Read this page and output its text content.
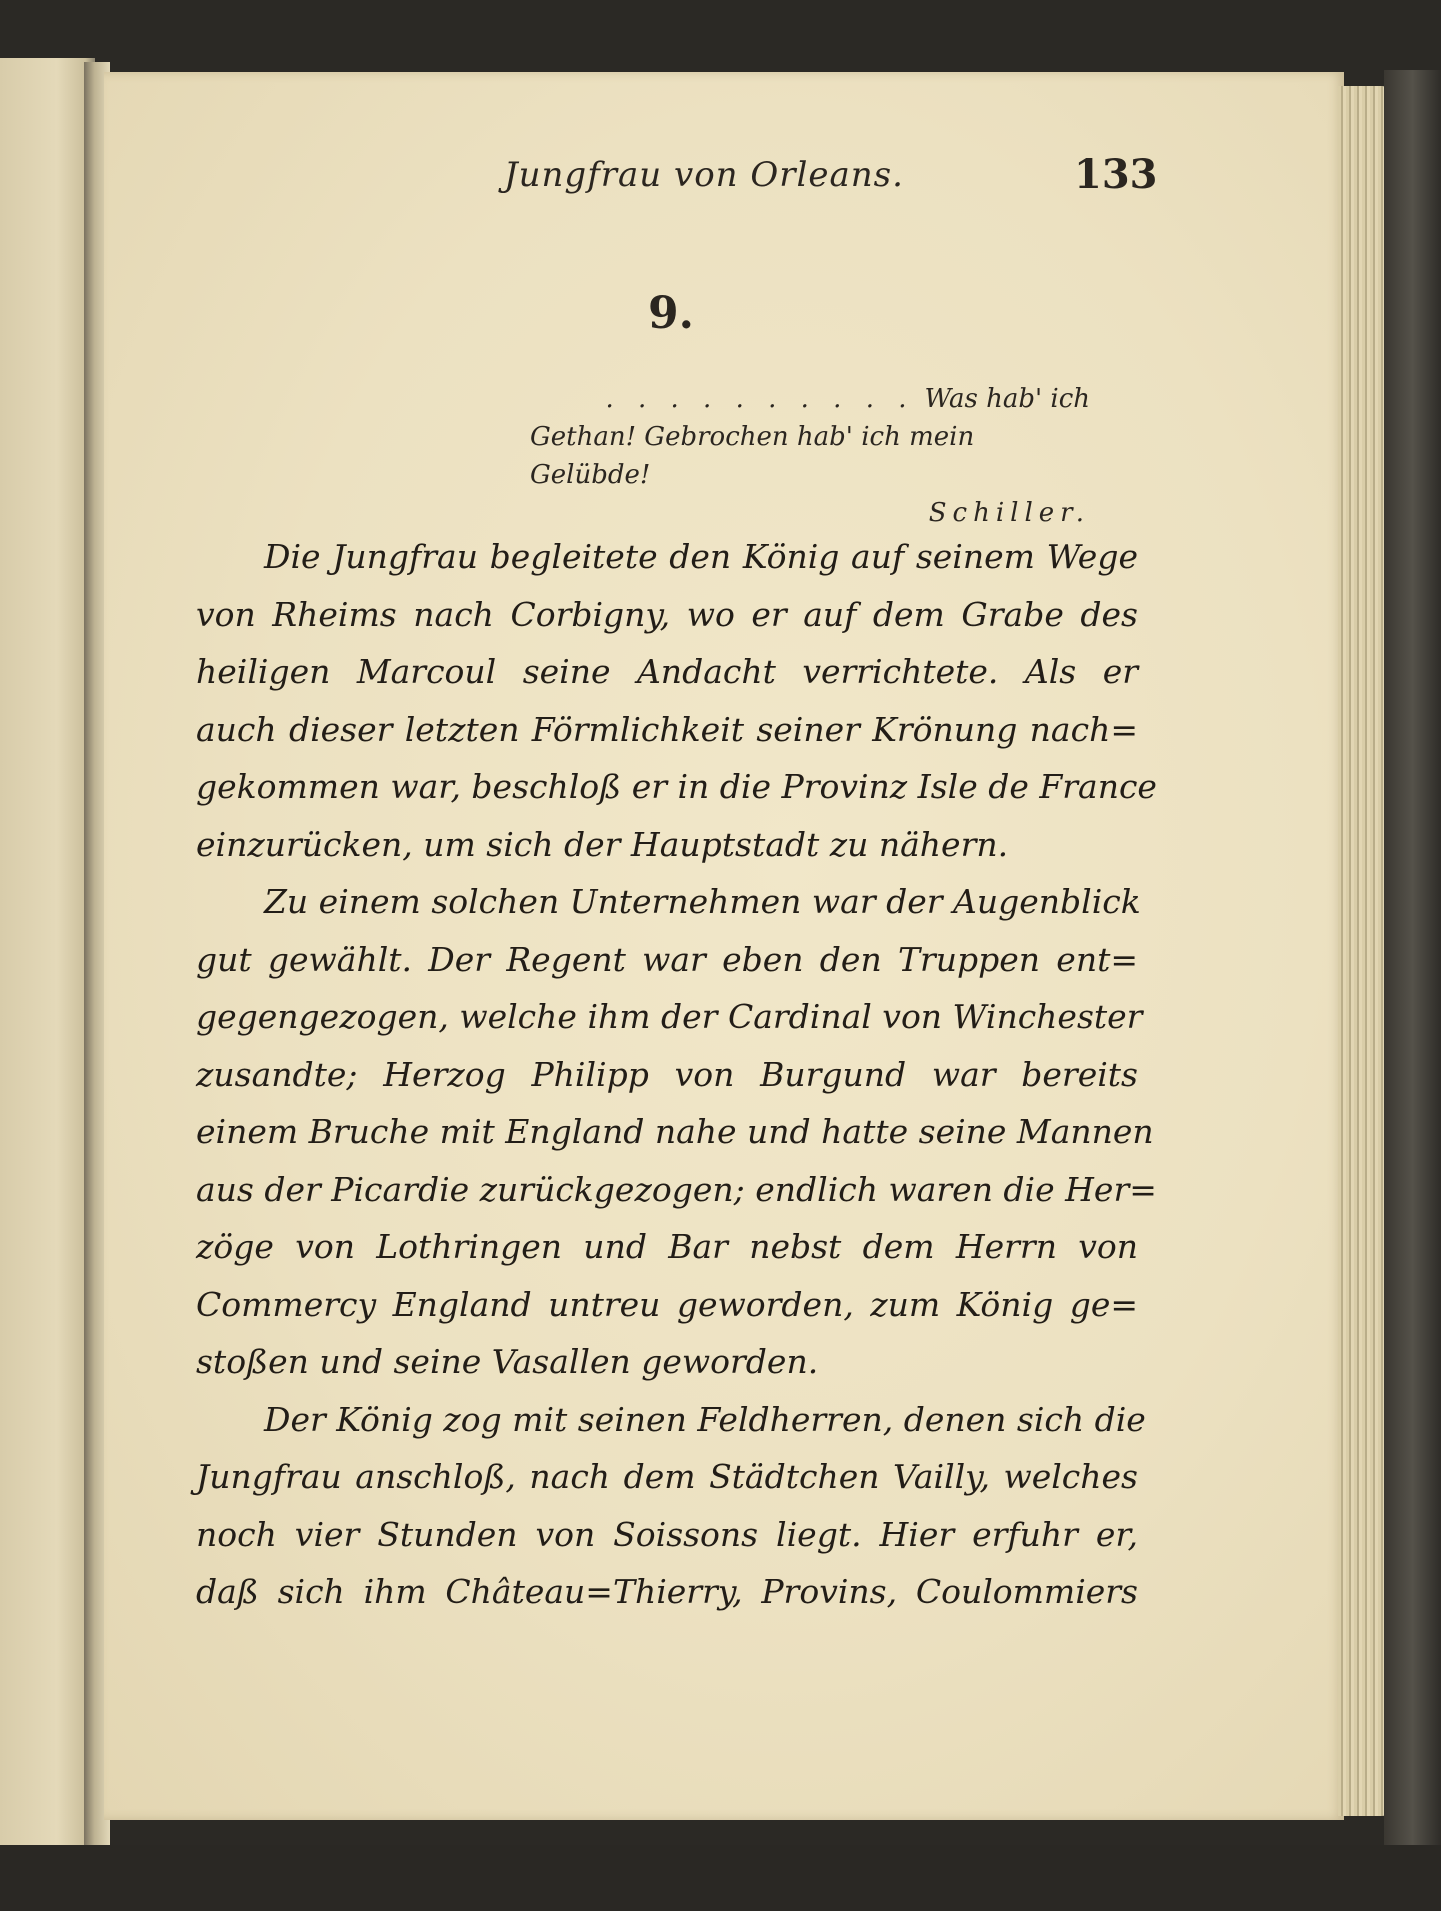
Jungfrau von Orleans.	133
9.
. . . . . . . . . . Was hab' ich
Gethan! Gebrochen hab' ich mein Gelübde!
Schiller.
Die Jungfrau begleitete den König auf seinem Wege
von Rheims nach Corbigny, wo er auf dem Grabe des
heiligen Marcoul seine Andacht verrichtete. Als er
auch dieser letzten Förmlichkeit seiner Krönung nach=
gekommen war, beschloß er in die Provinz Isle de France
einzurücken, um sich der Hauptstadt zu nähern.
Zu einem solchen Unternehmen war der Augenblick
gut gewählt. Der Regent war eben den Truppen ent=
gegengezogen, welche ihm der Cardinal von Winchester
zusandte; Herzog Philipp von Burgund war bereits
einem Bruche mit England nahe und hatte seine Mannen
aus der Picardie zurückgezogen; endlich waren die Her=
zöge von Lothringen und Bar nebst dem Herrn von
Commercy England untreu geworden, zum König ge=
stoßen und seine Vasallen geworden.
Der König zog mit seinen Feldherren, denen sich die
Jungfrau anschloß, nach dem Städtchen Vailly, welches
noch vier Stunden von Soissons liegt. Hier erfuhr er,
daß sich ihm Château=Thierry, Provins, Coulommiers
